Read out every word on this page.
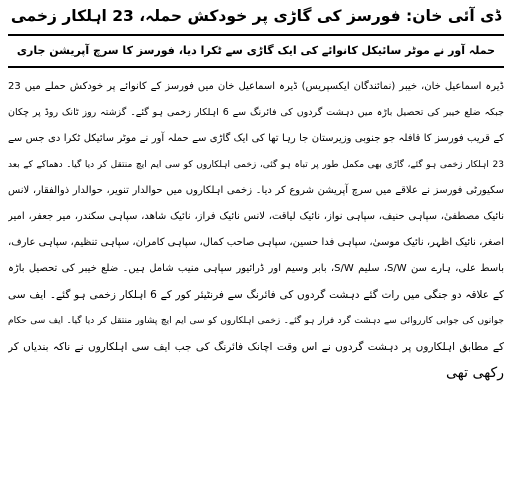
ڈی آئی خان: فورسز کی گاڑی پر خودکش حملہ، 23 اہلکار زخمی
حملہ آور نے موٹر سائیکل کانوائے کی ایک گاڑی سے ٹکرا دیا، فورسز کا سرچ آپریشن جاری
ڈیرہ اسماعیل خان، خیبر (نمائندگان ایکسپریس) ڈیرہ اسماعیل خان میں فورسز کے کانوائے پر خودکش حملے میں 23
جبکہ ضلع خیبر کی تحصیل باڑہ میں دہشت گردوں کی فائرنگ سے 6 اہلکار زخمی ہو گئے۔ گزشتہ روز ٹانک روڈ پر چکان
کے قریب فورسز کا قافلہ جو جنوبی وزیرستان جا رہا تھا کی ایک گاڑی سے حملہ آور نے موٹر سائیکل ٹکرا دی جس سے
23 اہلکار زخمی ہو گئے، گاڑی بھی مکمل طور پر تباہ ہو گئی، زخمی اہلکاروں کو سی ایم ایچ منتقل کر دیا گیا۔ دھماکے کے بعد
سکیورٹی فورسز نے علاقے میں سرچ آپریشن شروع کر دیا۔ زخمی اہلکاروں میں حوالدار تنویر، حوالدار ذوالفقار، لانس
نائیک مصطفیٰ، سپاہی حنیف، سپاہی نواز، نائیک لیاقت، لانس نائیک فراز، نائیک شاھد، سپاہی سکندر، میر جعفر، امیر
اصغر، نائیک اظہر، نائیک موسیٰ، سپاہی فدا حسین، سپاہی صاحب کمال، سپاہی کامران، سپاہی تنظیم، سپاہی عارف،
باسط علی، ہارے سن S/W، سلیم S/W، بابر وسیم اور ڈرائیور سپاہی منیب شامل ہیں۔ ضلع خیبر کی تحصیل باڑہ
کے علاقہ دو جنگی میں رات گئے دہشت گردوں کی فائرنگ سے فرنٹیئر کور کے 6 اہلکار زخمی ہو گئے۔ ایف سی
جوانوں کی جوابی کارروائی سے دہشت گرد فرار ہو گئے۔ زخمی اہلکاروں کو سی ایم ایچ پشاور منتقل کر دیا گیا۔ ایف سی حکام
کے مطابق اہلکاروں پر دہشت گردوں نے اس وقت اچانک فائرنگ کی جب ایف سی اہلکاروں نے ناکہ بندیاں کر
رکھی تھی
